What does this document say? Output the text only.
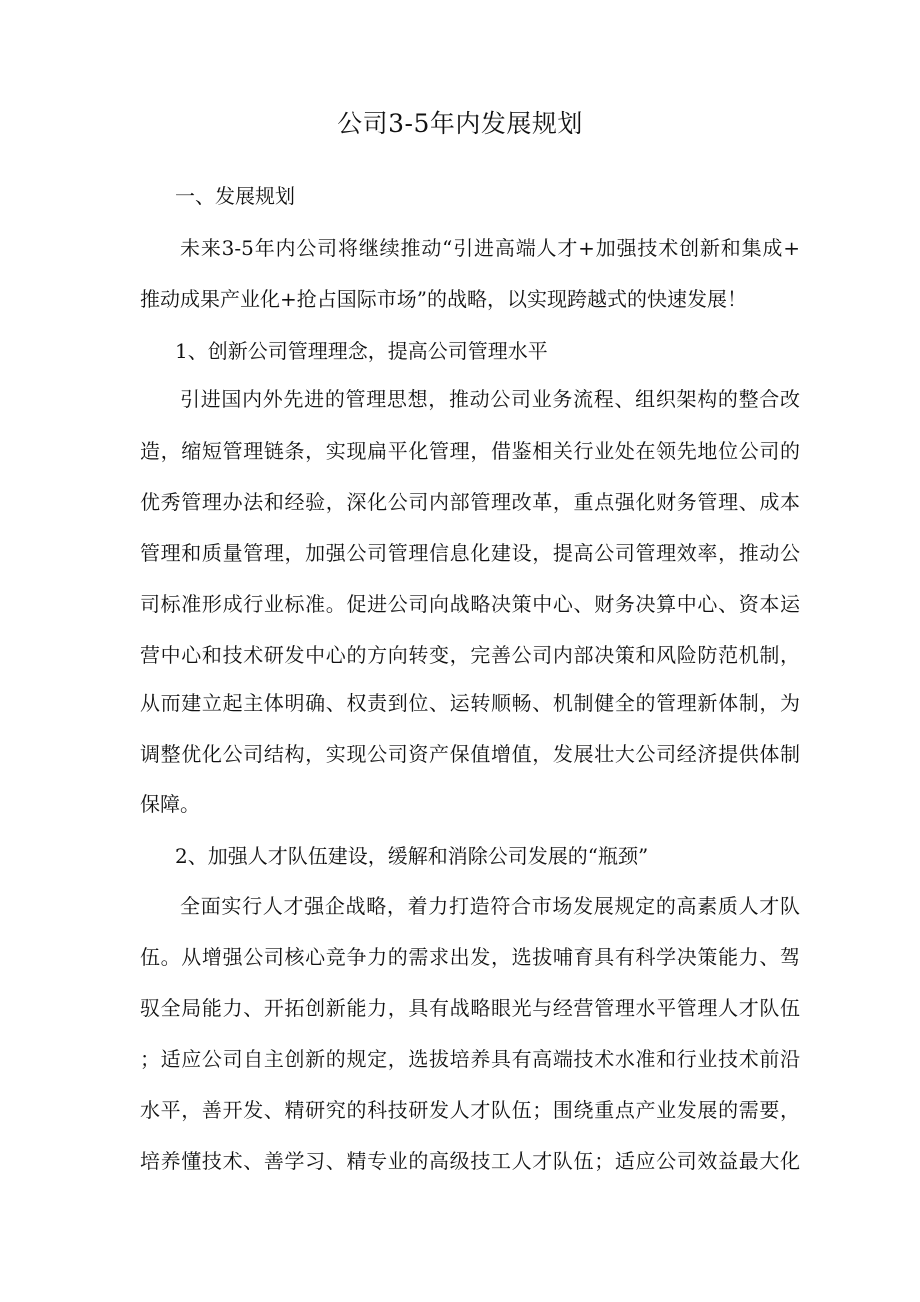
公司3-5年内发展规划
一、发展规划
未来3-5年内公司将继续推动“引进高端人才+加强技术创新和集成+
推动成果产业化+抢占国际市场”的战略，以实现跨越式的快速发展！
1、创新公司管理理念，提高公司管理水平
引进国内外先进的管理思想，推动公司业务流程、组织架构的整合改
造，缩短管理链条，实现扁平化管理，借鉴相关行业处在领先地位公司的
优秀管理办法和经验，深化公司内部管理改革，重点强化财务管理、成本
管理和质量管理，加强公司管理信息化建设，提高公司管理效率，推动公
司标准形成行业标准。促进公司向战略决策中心、财务决算中心、资本运
营中心和技术研发中心的方向转变，完善公司内部决策和风险防范机制，
从而建立起主体明确、权责到位、运转顺畅、机制健全的管理新体制，为
调整优化公司结构，实现公司资产保值增值，发展壮大公司经济提供体制
保障。
2、加强人才队伍建设，缓解和消除公司发展的“瓶颈”
全面实行人才强企战略，着力打造符合市场发展规定的高素质人才队
伍。从增强公司核心竞争力的需求出发，选拔哺育具有科学决策能力、驾
驭全局能力、开拓创新能力，具有战略眼光与经营管理水平管理人才队伍
；适应公司自主创新的规定，选拔培养具有高端技术水准和行业技术前沿
水平，善开发、精研究的科技研发人才队伍；围绕重点产业发展的需要，
培养懂技术、善学习、精专业的高级技工人才队伍；适应公司效益最大化
